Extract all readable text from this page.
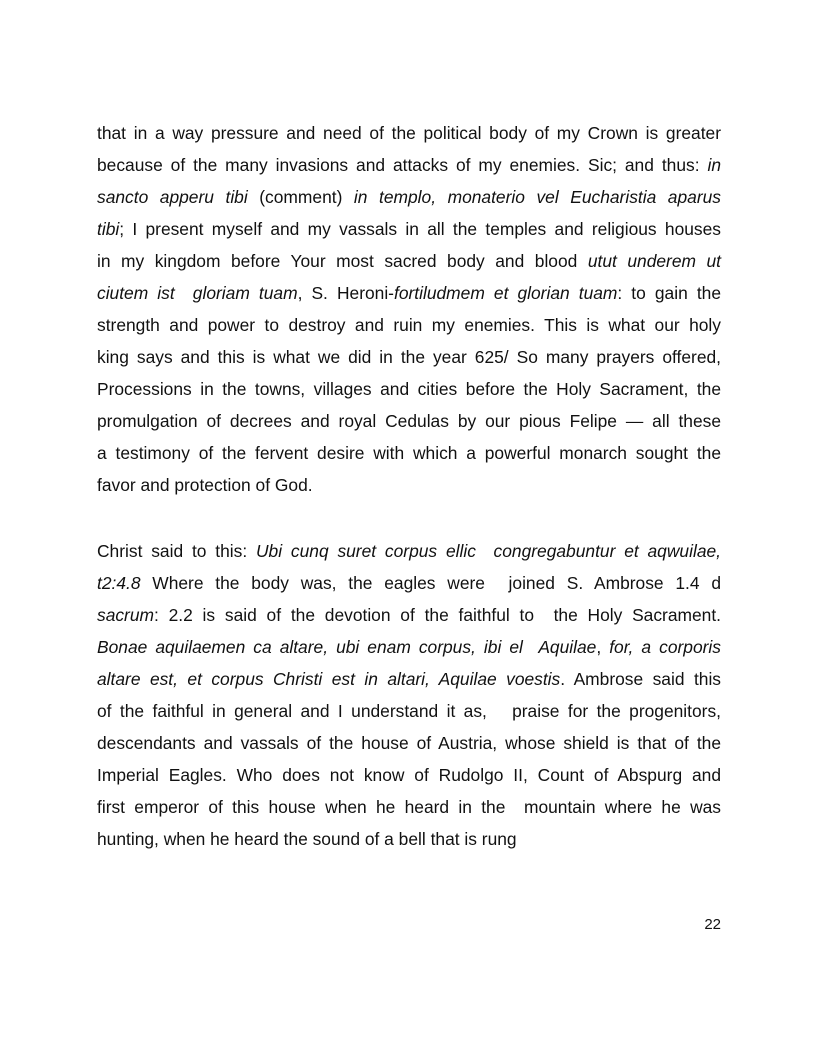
that in a way pressure and need of the political body of my Crown is greater
because of the many invasions and attacks of my enemies. Sic; and thus: in
sancto apperu tibi (comment) in templo, monaterio vel Eucharistia aparus
tibi; I present myself and my vassals in all the temples and religious houses
in my kingdom before Your most sacred body and blood utut underem ut
ciutem ist  gloriam tuam, S. Heroni-fortiludmem et glorian tuam: to gain the
strength and power to destroy and ruin my enemies. This is what our holy
king says and this is what we did in the year 625/ So many prayers offered,
Processions in the towns, villages and cities before the Holy Sacrament, the
promulgation of decrees and royal Cedulas by our pious Felipe — all these
a testimony of the fervent desire with which a powerful monarch sought the
favor and protection of God.
Christ said to this: Ubi cunq suret corpus ellic  congregabuntur et aqwuilae,
t2:4.8 Where the body was, the eagles were  joined S. Ambrose 1.4 d
sacrum: 2.2 is said of the devotion of the faithful to  the Holy Sacrament.
Bonae aquilaemen ca altare, ubi enam corpus, ibi el  Aquilae, for, a corporis
altare est, et corpus Christi est in altari, Aquilae voestis. Ambrose said this
of the faithful in general and I understand it as,   praise for the progenitors,
descendants and vassals of the house of Austria, whose shield is that of the
Imperial Eagles. Who does not know of Rudolgo II, Count of Abspurg and
first emperor of this house when he heard in the  mountain where he was
hunting, when he heard the sound of a bell that is rung
22
